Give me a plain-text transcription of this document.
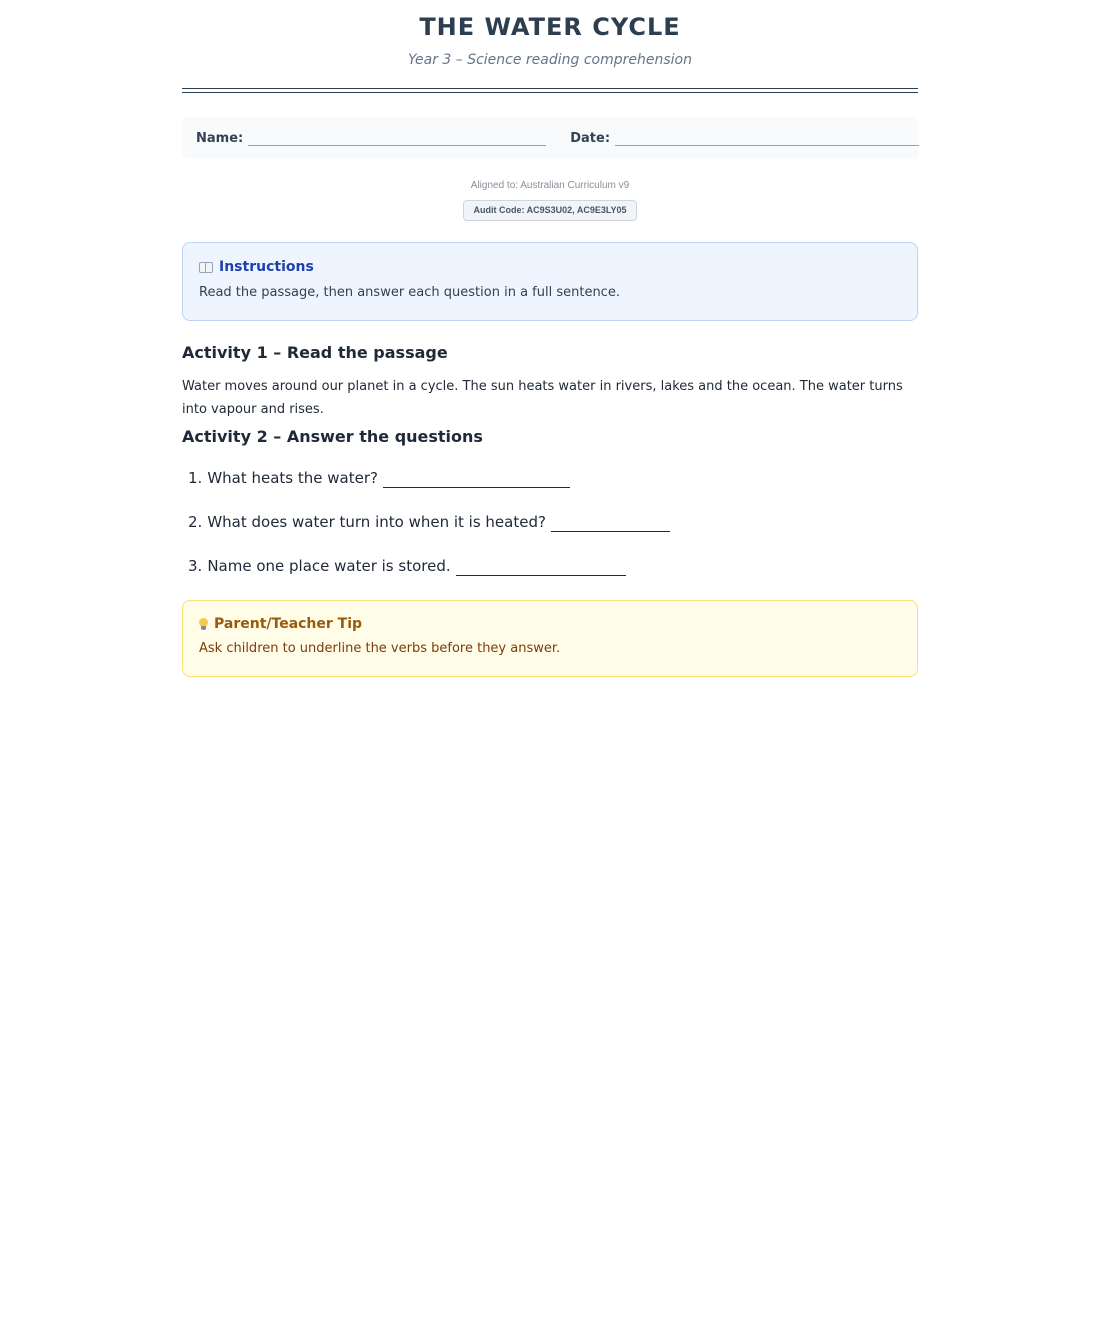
THE WATER CYCLE
Year 3 – Science reading comprehension
Name:	Date:
Aligned to: Australian Curriculum v9
Audit Code: AC9S3U02, AC9E3LY05
Instructions
Read the passage, then answer each question in a full sentence.
Activity 1 – Read the passage
Water moves around our planet in a cycle. The sun heats water in rivers, lakes and the ocean. The water turns into vapour and rises.
Activity 2 – Answer the questions
1. What heats the water?
2. What does water turn into when it is heated?
3. Name one place water is stored.
Parent/Teacher Tip
Ask children to underline the verbs before they answer.
